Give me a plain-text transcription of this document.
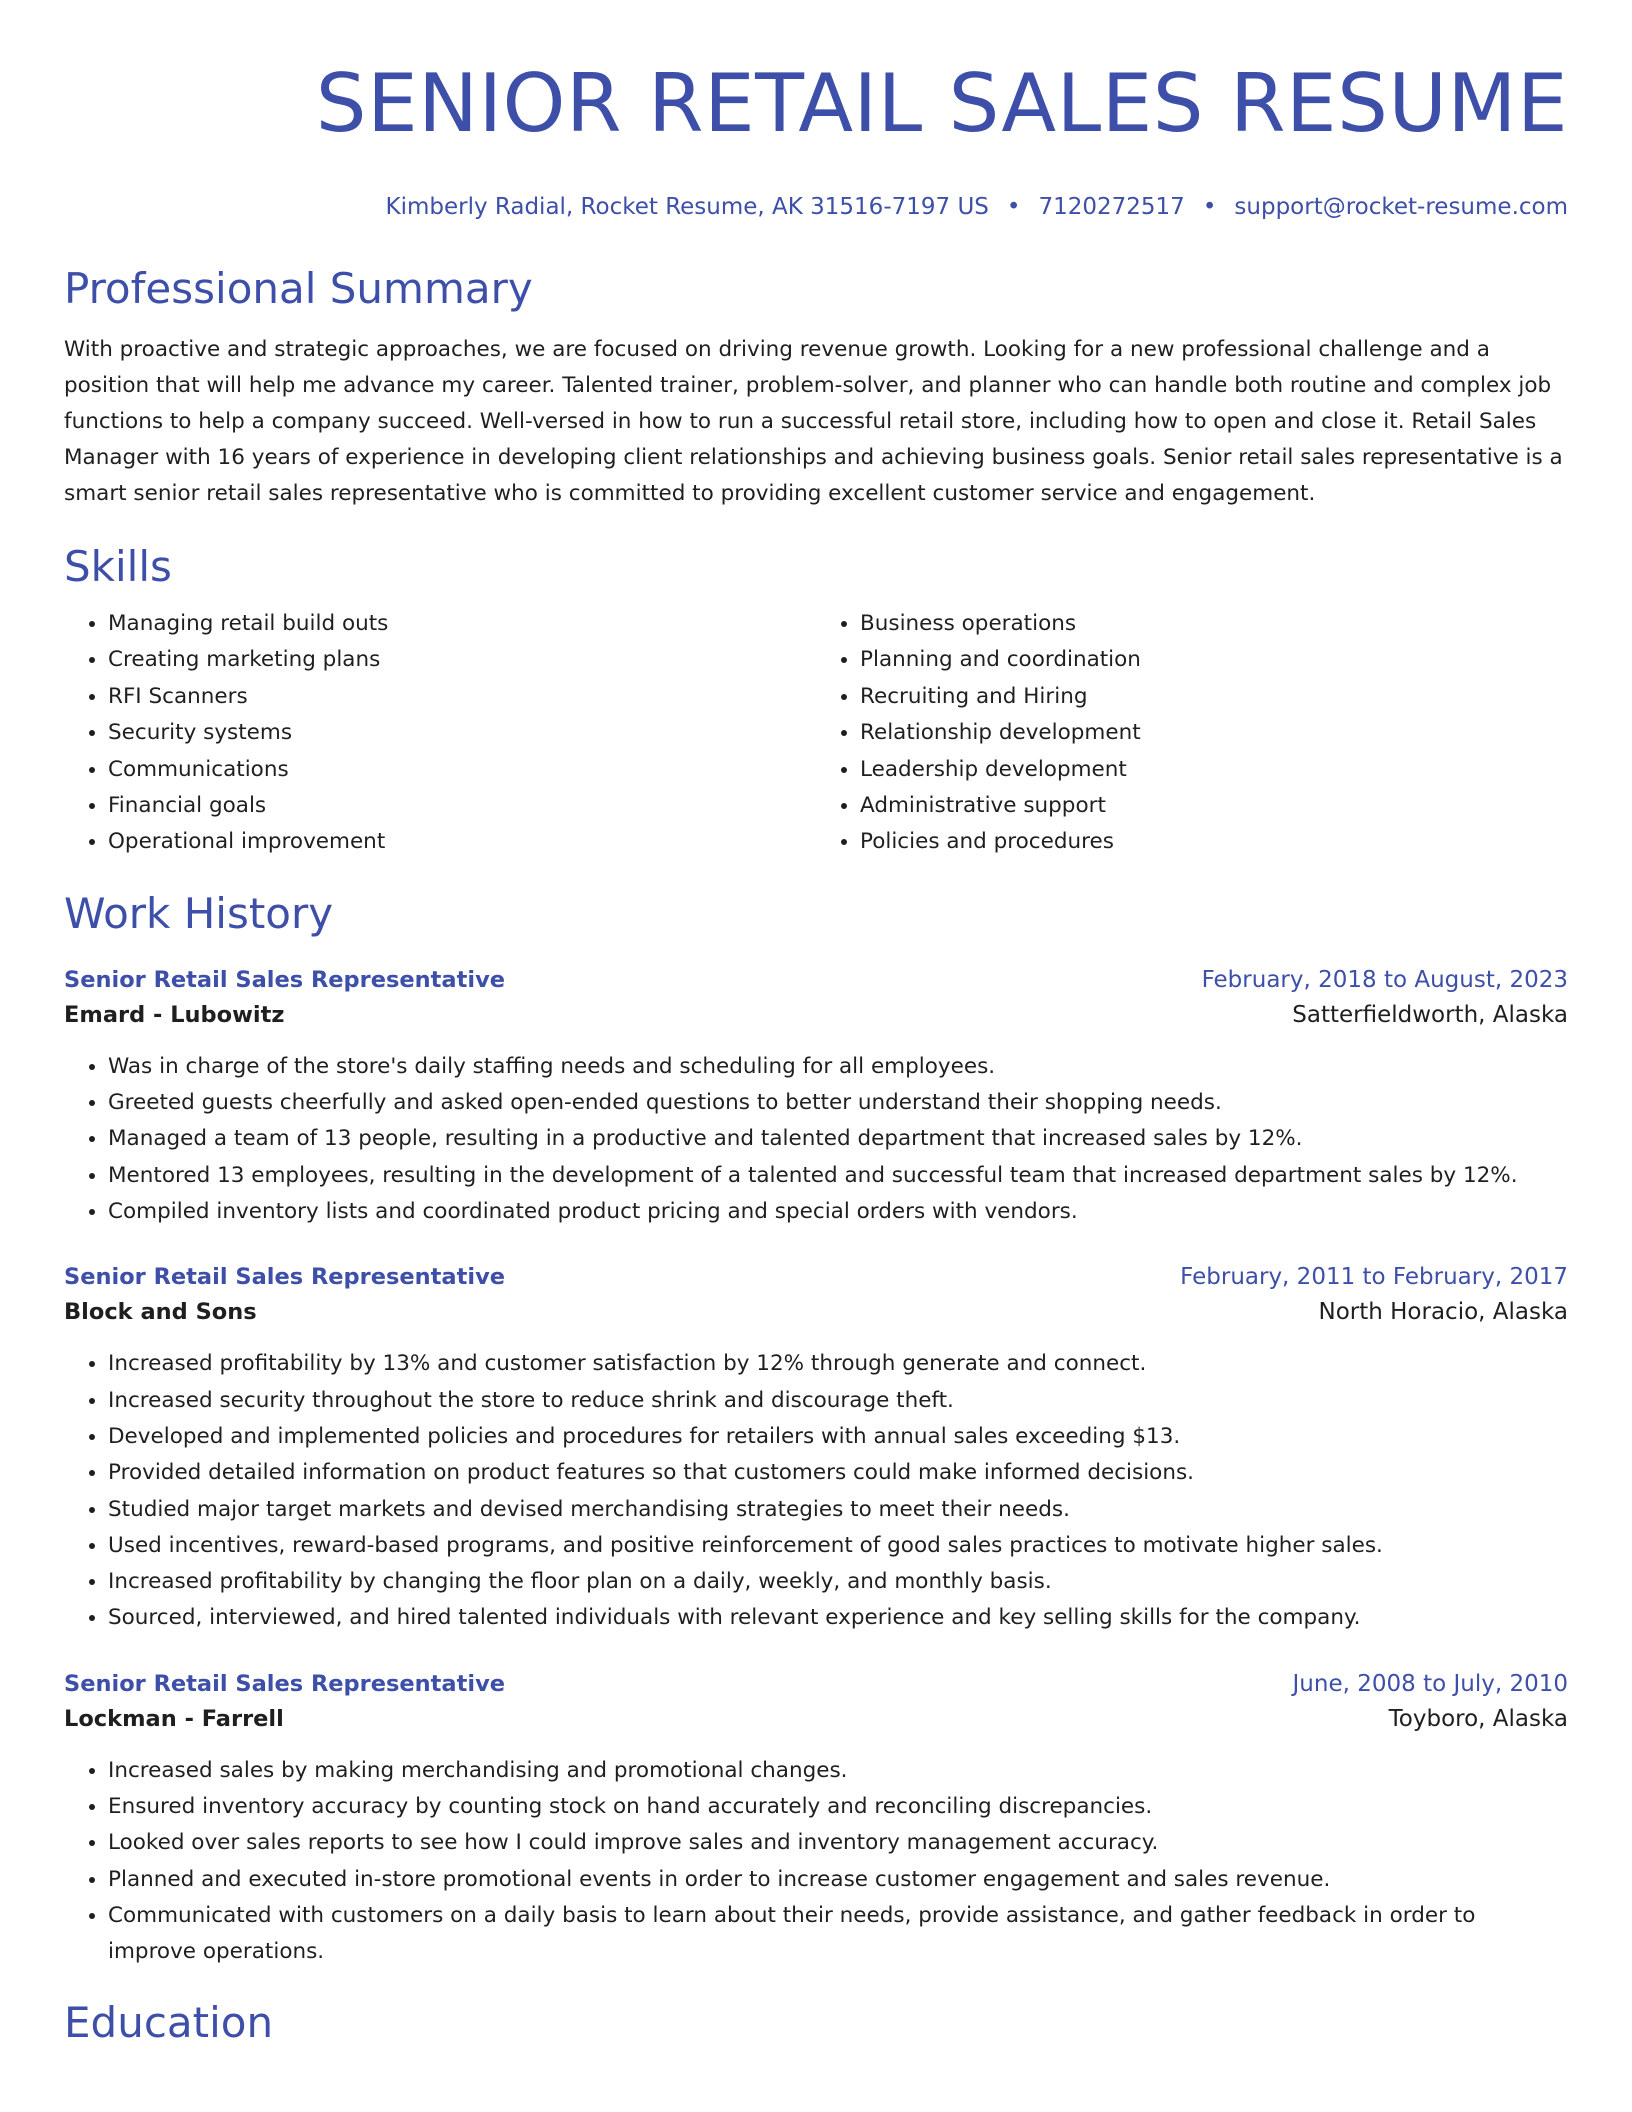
SENIOR RETAIL SALES RESUME
Kimberly Radial, Rocket Resume, AK 31516-7197 US • 7120272517 • support@rocket-resume.com
Professional Summary
With proactive and strategic approaches, we are focused on driving revenue growth. Looking for a new professional challenge and a position that will help me advance my career. Talented trainer, problem-solver, and planner who can handle both routine and complex job functions to help a company succeed. Well-versed in how to run a successful retail store, including how to open and close it. Retail Sales Manager with 16 years of experience in developing client relationships and achieving business goals. Senior retail sales representative is a smart senior retail sales representative who is committed to providing excellent customer service and engagement.
Skills
• Managing retail build outs
• Creating marketing plans
• RFI Scanners
• Security systems
• Communications
• Financial goals
• Operational improvement
• Business operations
• Planning and coordination
• Recruiting and Hiring
• Relationship development
• Leadership development
• Administrative support
• Policies and procedures
Work History
Senior Retail Sales Representative	February, 2018 to August, 2023
Emard - Lubowitz	Satterfieldworth, Alaska
• Was in charge of the store's daily staffing needs and scheduling for all employees.
• Greeted guests cheerfully and asked open-ended questions to better understand their shopping needs.
• Managed a team of 13 people, resulting in a productive and talented department that increased sales by 12%.
• Mentored 13 employees, resulting in the development of a talented and successful team that increased department sales by 12%.
• Compiled inventory lists and coordinated product pricing and special orders with vendors.
Senior Retail Sales Representative	February, 2011 to February, 2017
Block and Sons	North Horacio, Alaska
• Increased profitability by 13% and customer satisfaction by 12% through generate and connect.
• Increased security throughout the store to reduce shrink and discourage theft.
• Developed and implemented policies and procedures for retailers with annual sales exceeding $13.
• Provided detailed information on product features so that customers could make informed decisions.
• Studied major target markets and devised merchandising strategies to meet their needs.
• Used incentives, reward-based programs, and positive reinforcement of good sales practices to motivate higher sales.
• Increased profitability by changing the floor plan on a daily, weekly, and monthly basis.
• Sourced, interviewed, and hired talented individuals with relevant experience and key selling skills for the company.
Senior Retail Sales Representative	June, 2008 to July, 2010
Lockman - Farrell	Toyboro, Alaska
• Increased sales by making merchandising and promotional changes.
• Ensured inventory accuracy by counting stock on hand accurately and reconciling discrepancies.
• Looked over sales reports to see how I could improve sales and inventory management accuracy.
• Planned and executed in-store promotional events in order to increase customer engagement and sales revenue.
• Communicated with customers on a daily basis to learn about their needs, provide assistance, and gather feedback in order to improve operations.
Education
